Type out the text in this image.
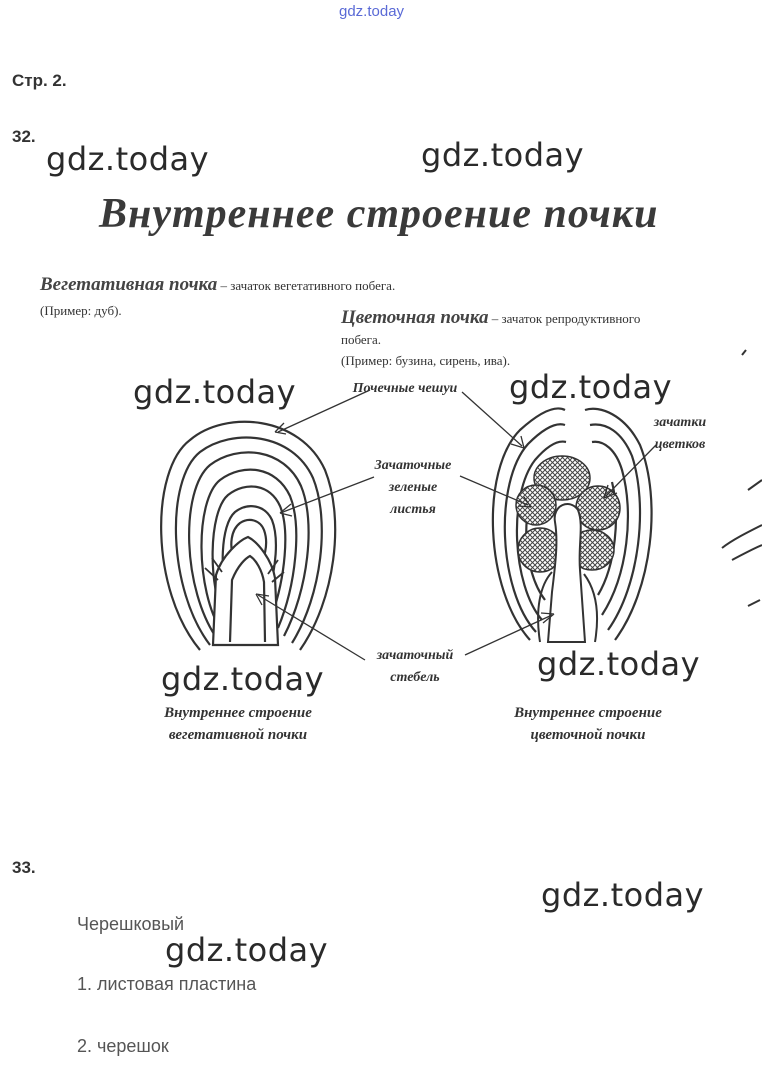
gdz.today
Стр. 2.
32.
gdz.today	gdz.today
Внутреннее строение почки
Вегетативная почка – зачаток вегетативного побега.
(Пример: дуб).	Цветочная почка – зачаток репродуктивного
побега.
(Пример: бузина, сирень, ива).
gdz.today	gdz.today
Почечные чешуи
зачатки
цветков
Зачаточные
зеленые
листья
зачаточный
стебель
gdz.today	gdz.today
Внутреннее строение
вегетативной почки
Внутреннее строение
цветочной почки
33.
gdz.today
Черешковый
gdz.today
1. листовая пластина
2. черешок
